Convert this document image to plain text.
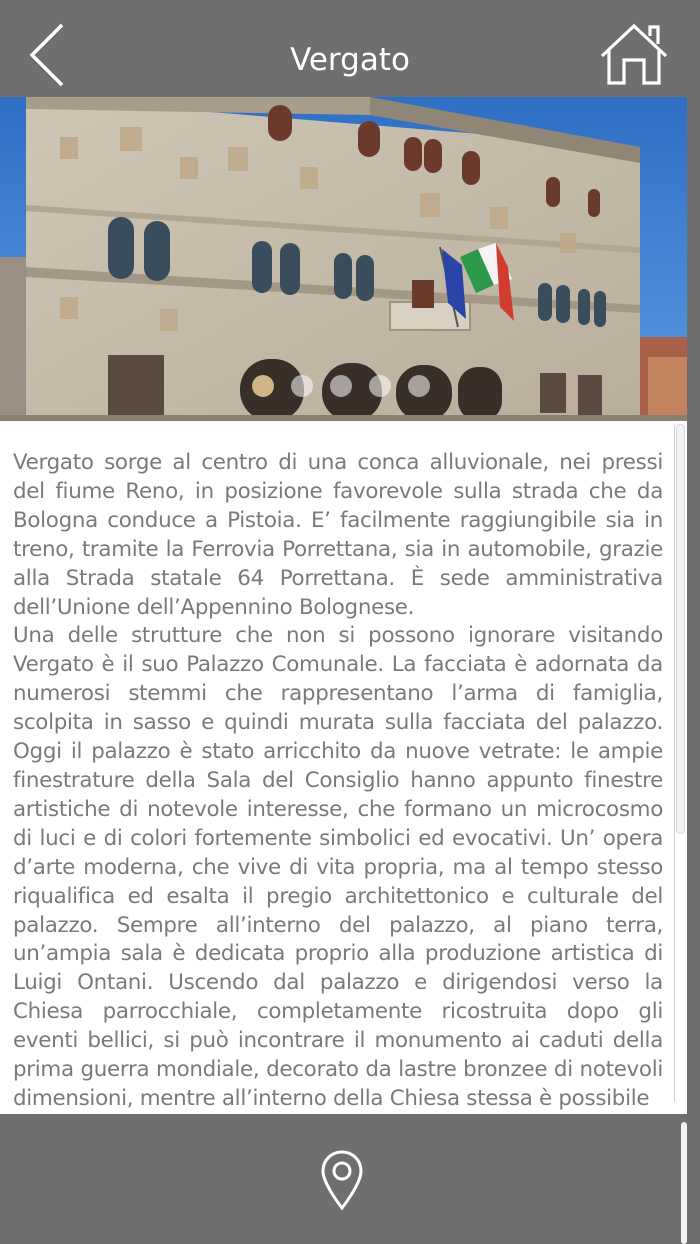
Vergato

Vergato sorge al centro di una conca alluvionale, nei pressi del fiume Reno, in posizione favorevole sulla strada che da Bologna conduce a Pistoia. E’ facilmente raggiungibile sia in treno, tramite la Ferrovia Porrettana, sia in automobile, grazie alla Strada statale 64 Porrettana. È sede amministrativa dell’Unione dell’Appennino Bolognese.

Una delle strutture che non si possono ignorare visitando Vergato è il suo Palazzo Comunale. La facciata è adornata da numerosi stemmi che rappresentano l’arma di famiglia, scolpita in sasso e quindi murata sulla facciata del palazzo. Oggi il palazzo è stato arricchito da nuove vetrate: le ampie finestrature della Sala del Consiglio hanno appunto finestre artistiche di notevole interesse, che formano un microcosmo di luci e di colori fortemente simbolici ed evocativi. Un’ opera d’arte moderna, che vive di vita propria, ma al tempo stesso riqualifica ed esalta il pregio architettonico e culturale del palazzo. Sempre all’interno del palazzo, al piano terra, un’ampia sala è dedicata proprio alla produzione artistica di Luigi Ontani. Uscendo dal palazzo e dirigendosi verso la Chiesa parrocchiale, completamente ricostruita dopo gli eventi bellici, si può incontrare il monumento ai caduti della prima guerra mondiale, decorato da lastre bronzee di notevoli dimensioni, mentre all’interno della Chiesa stessa è possibile
